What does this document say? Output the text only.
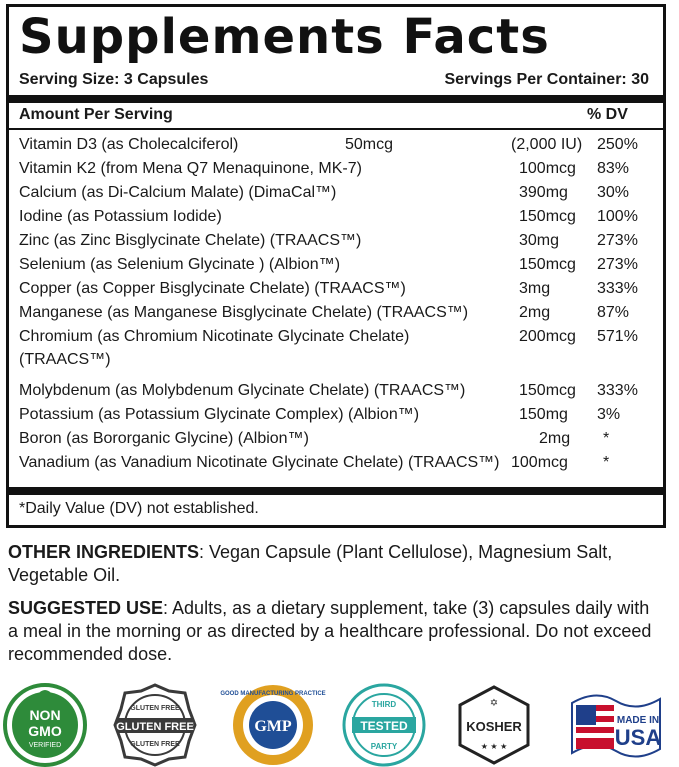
Supplements Facts
Serving Size: 3 Capsules	Servings Per Container: 30
Amount Per Serving	% DV
Vitamin D3 (as Cholecalciferol)	50mcg	(2,000 IU) 250%
Vitamin K2 (from Mena Q7 Menaquinone, MK-7)	100mcg 83%
Calcium (as Di-Calcium Malate) (DimaCal™)	390mg 30%
Iodine (as Potassium Iodide)	150mcg 100%
Zinc (as Zinc Bisglycinate Chelate) (TRAACS™)	30mg 273%
Selenium (as Selenium Glycinate ) (Albion™)	150mcg 273%
Copper (as Copper Bisglycinate Chelate) (TRAACS™)	3mg	333%
Manganese (as Manganese Bisglycinate Chelate) (TRAACS™)	2mg	87%
Chromium (as Chromium Nicotinate Glycinate Chelate)	200mcg 571%
(TRAACS™)
Molybdenum (as Molybdenum Glycinate Chelate) (TRAACS™)	150mcg 333%
Potassium (as Potassium Glycinate Complex) (Albion™)	150mg 3%
Boron (as Bororganic Glycine) (Albion™)	2mg *
Vanadium (as Vanadium Nicotinate Glycinate Chelate) (TRAACS™) 100mcg *
*Daily Value (DV) not established.
OTHER INGREDIENTS: Vegan Capsule (Plant Cellulose), Magnesium Salt, Vegetable Oil.
SUGGESTED USE: Adults, as a dietary supplement, take (3) capsules daily with a meal in the morning or as directed by a healthcare professional. Do not exceed recommended dose.
NON
GMO
VERIFIED
GLUTEN FREE
GLUTEN FREE
GLUTEN FREE
GOOD MANUFACTURING PRACTICE
GMP
THIRD
TESTED
PARTY
✡
KOSHER
★ ★ ★
MADE IN
USA
